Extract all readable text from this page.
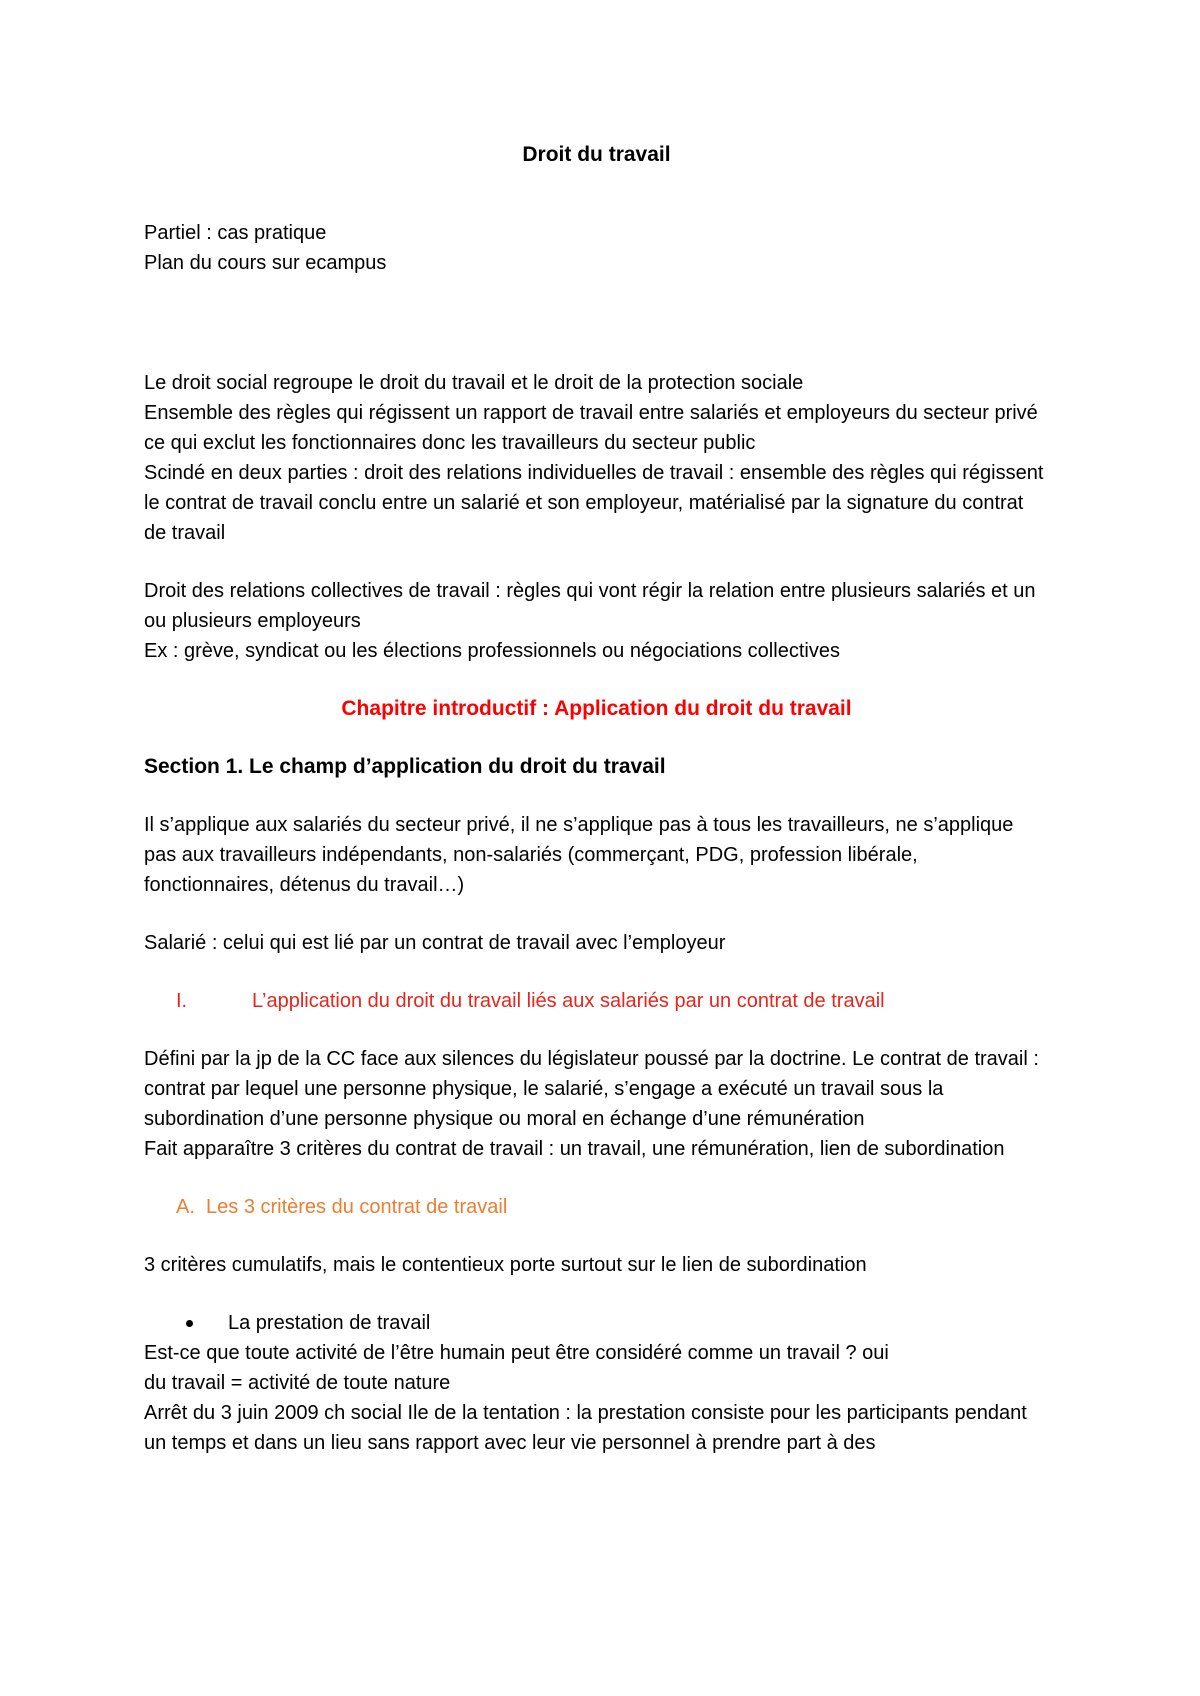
Droit du travail

Partiel : cas pratique

Plan du cours sur ecampus

Le droit social regroupe le droit du travail et le droit de la protection sociale

Ensemble des règles qui régissent un rapport de travail entre salariés et employeurs du secteur privé ce qui exclut les fonctionnaires donc les travailleurs du secteur public

Scindé en deux parties : droit des relations individuelles de travail : ensemble des règles qui régissent le contrat de travail conclu entre un salarié et son employeur, matérialisé par la signature du contrat de travail

Droit des relations collectives de travail : règles qui vont régir la relation entre plusieurs salariés et un ou plusieurs employeurs

Ex : grève, syndicat ou les élections professionnels ou négociations collectives

Chapitre introductif : Application du droit du travail

Section 1. Le champ d’application du droit du travail

Il s’applique aux salariés du secteur privé, il ne s’applique pas à tous les travailleurs, ne s’applique pas aux travailleurs indépendants, non-salariés (commerçant, PDG, profession libérale, fonctionnaires, détenus du travail…)

Salarié : celui qui est lié par un contrat de travail avec l’employeur

I.	L’application du droit du travail liés aux salariés par un contrat de travail

Défini par la jp de la CC face aux silences du législateur poussé par la doctrine. Le contrat de travail : contrat par lequel une personne physique, le salarié, s’engage a exécuté un travail sous la subordination d’une personne physique ou moral en échange d’une rémunération

Fait apparaître 3 critères du contrat de travail : un travail, une rémunération, lien de subordination

A.  Les 3 critères du contrat de travail

3 critères cumulatifs, mais le contentieux porte surtout sur le lien de subordination

La prestation de travail

Est-ce que toute activité de l’être humain peut être considéré comme un travail ? oui

du travail = activité de toute nature

Arrêt du 3 juin 2009 ch social Ile de la tentation : la prestation consiste pour les participants pendant un temps et dans un lieu sans rapport avec leur vie personnel à prendre part à des
